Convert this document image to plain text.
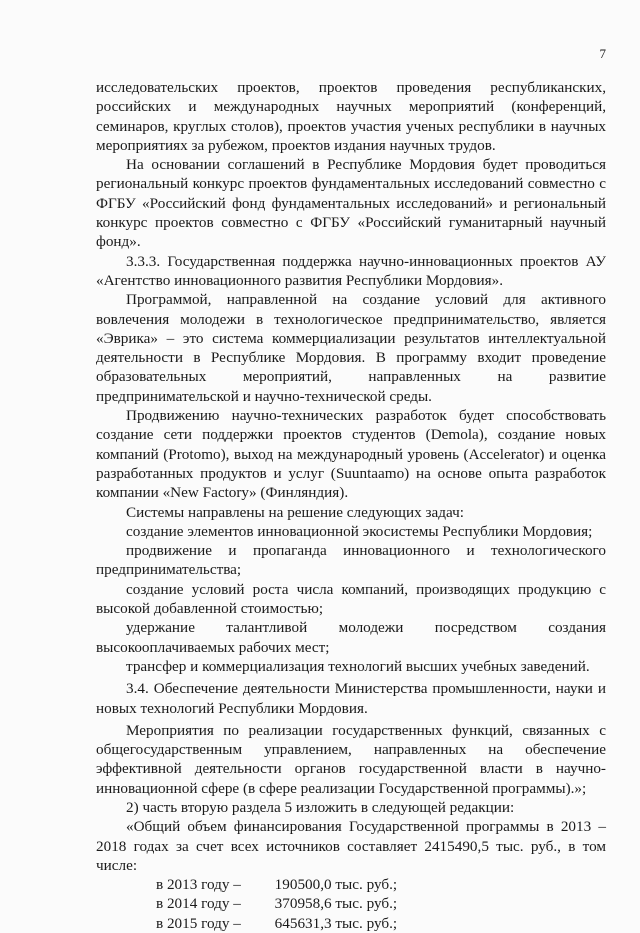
7

исследовательских проектов, проектов проведения республиканских, российских и международных научных мероприятий (конференций, семинаров, круглых столов), проектов участия ученых республики в научных мероприятиях за рубежом, проектов издания научных трудов.

На основании соглашений в Республике Мордовия будет проводиться региональный конкурс проектов фундаментальных исследований совместно с ФГБУ «Российский фонд фундаментальных исследований» и региональный конкурс проектов совместно с ФГБУ «Российский гуманитарный научный фонд».

3.3.3. Государственная поддержка научно-инновационных проектов АУ «Агентство инновационного развития Республики Мордовия».

Программой, направленной на создание условий для активного вовлечения молодежи в технологическое предпринимательство, является «Эврика» – это система коммерциализации результатов интеллектуальной деятельности в Республике Мордовия. В программу входит проведение образовательных мероприятий, направленных на развитие предпринимательской и научно-технической среды.

Продвижению научно-технических разработок будет способствовать создание сети поддержки проектов студентов (Demola), создание новых компаний (Protomo), выход на международный уровень (Accelerator) и оценка разработанных продуктов и услуг (Suuntaamo) на основе опыта разработок компании «New Factory» (Финляндия).

Системы направлены на решение следующих задач:

создание элементов инновационной экосистемы Республики Мордовия;

продвижение и пропаганда инновационного и технологического предпринимательства;

создание условий роста числа компаний, производящих продукцию с высокой добавленной стоимостью;

удержание талантливой молодежи посредством создания высокооплачиваемых рабочих мест;

трансфер и коммерциализация технологий высших учебных заведений.

3.4. Обеспечение деятельности Министерства промышленности, науки и новых технологий Республики Мордовия.

Мероприятия по реализации государственных функций, связанных с общегосударственным управлением, направленных на обеспечение эффективной деятельности органов государственной власти в научно-инновационной сфере (в сфере реализации Государственной программы).»;

2) часть вторую раздела 5 изложить в следующей редакции:

«Общий объем финансирования Государственной программы в 2013 – 2018 годах за счет всех источников составляет 2415490,5 тыс. руб., в том числе:

в 2013 году – 190500,0 тыс. руб.;
в 2014 году – 370958,6 тыс. руб.;
в 2015 году – 645631,3 тыс. руб.;
